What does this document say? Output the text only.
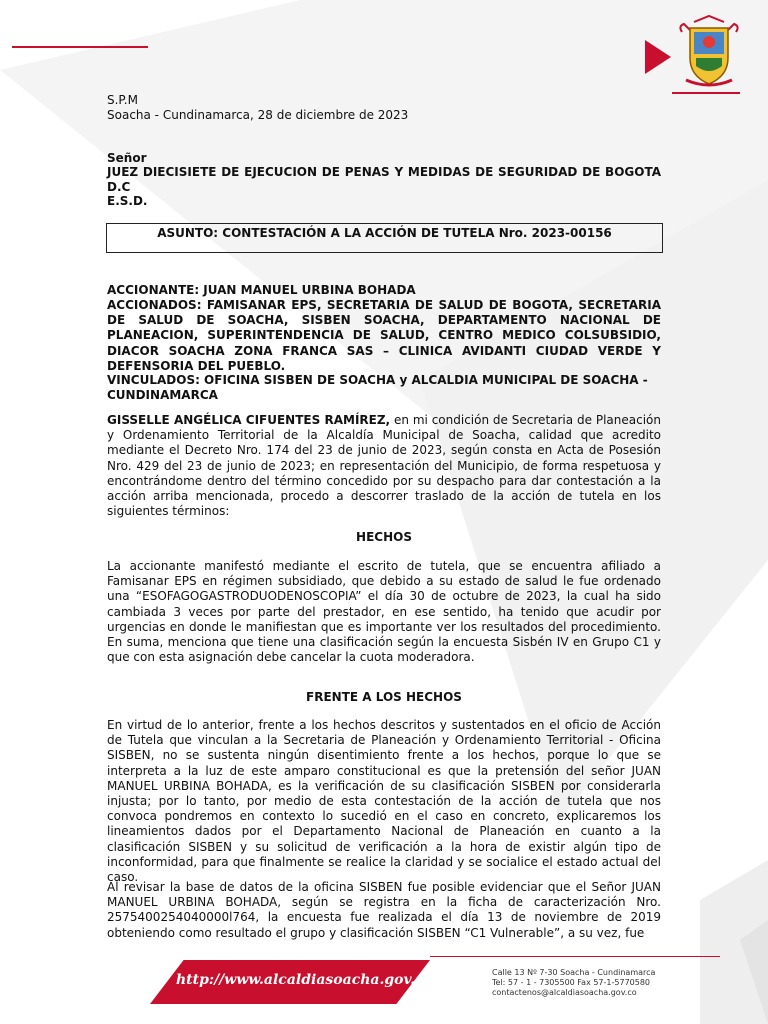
S.P.M
Soacha - Cundinamarca, 28 de diciembre de 2023
Señor
JUEZ DIECISIETE DE EJECUCION DE PENAS Y MEDIDAS DE SEGURIDAD DE BOGOTA D.C
E.S.D.
ASUNTO: CONTESTACIÓN A LA ACCIÓN DE TUTELA Nro. 2023-00156
ACCIONANTE: JUAN MANUEL URBINA BOHADA
ACCIONADOS: FAMISANAR EPS, SECRETARIA DE SALUD DE BOGOTA, SECRETARIA DE SALUD DE SOACHA, SISBEN SOACHA, DEPARTAMENTO NACIONAL DE PLANEACION, SUPERINTENDENCIA DE SALUD, CENTRO MEDICO COLSUBSIDIO, DIACOR SOACHA ZONA FRANCA SAS – CLINICA AVIDANTI CIUDAD VERDE Y DEFENSORIA DEL PUEBLO.
VINCULADOS: OFICINA SISBEN DE SOACHA y ALCALDIA MUNICIPAL DE SOACHA - CUNDINAMARCA
GISSELLE ANGÉLICA CIFUENTES RAMÍREZ, en mi condición de Secretaria de Planeación y Ordenamiento Territorial de la Alcaldía Municipal de Soacha, calidad que acredito mediante el Decreto Nro. 174 del 23 de junio de 2023, según consta en Acta de Posesión Nro. 429 del 23 de junio de 2023; en representación del Municipio, de forma respetuosa y encontrándome dentro del término concedido por su despacho para dar contestación a la acción arriba mencionada, procedo a descorrer traslado de la acción de tutela en los siguientes términos:
HECHOS
La accionante manifestó mediante el escrito de tutela, que se encuentra afiliado a Famisanar EPS en régimen subsidiado, que debido a su estado de salud le fue ordenado una “ESOFAGOGASTRODUODENOSCOPIA” el día 30 de octubre de 2023, la cual ha sido cambiada 3 veces por parte del prestador, en ese sentido, ha tenido que acudir por urgencias en donde le manifiestan que es importante ver los resultados del procedimiento. En suma, menciona que tiene una clasificación según la encuesta Sisbén IV en Grupo C1 y que con esta asignación debe cancelar la cuota moderadora.
FRENTE A LOS HECHOS
En virtud de lo anterior, frente a los hechos descritos y sustentados en el oficio de Acción de Tutela que vinculan a la Secretaria de Planeación y Ordenamiento Territorial - Oficina SISBEN, no se sustenta ningún disentimiento frente a los hechos, porque lo que se interpreta a la luz de este amparo constitucional es que la pretensión del señor JUAN MANUEL URBINA BOHADA, es la verificación de su clasificación SISBEN por considerarla injusta; por lo tanto, por medio de esta contestación de la acción de tutela que nos convoca pondremos en contexto lo sucedió en el caso en concreto, explicaremos los lineamientos dados por el Departamento Nacional de Planeación en cuanto a la clasificación SISBEN y su solicitud de verificación a la hora de existir algún tipo de inconformidad, para que finalmente se realice la claridad y se socialice el estado actual del caso.
Al revisar la base de datos de la oficina SISBEN fue posible evidenciar que el Señor JUAN MANUEL URBINA BOHADA, según se registra en la ficha de caracterización Nro. 2575400254040000l764, la encuesta fue realizada el día 13 de noviembre de 2019 obteniendo como resultado el grupo y clasificación SISBEN “C1 Vulnerable”, a su vez, fue
http://www.alcaldiasoacha.gov.co/	Calle 13 Nº 7-30 Soacha - Cundinamarca
Tel: 57 - 1 - 7305500 Fax 57-1-5770580
contactenos@alcaldiasoacha.gov.co
